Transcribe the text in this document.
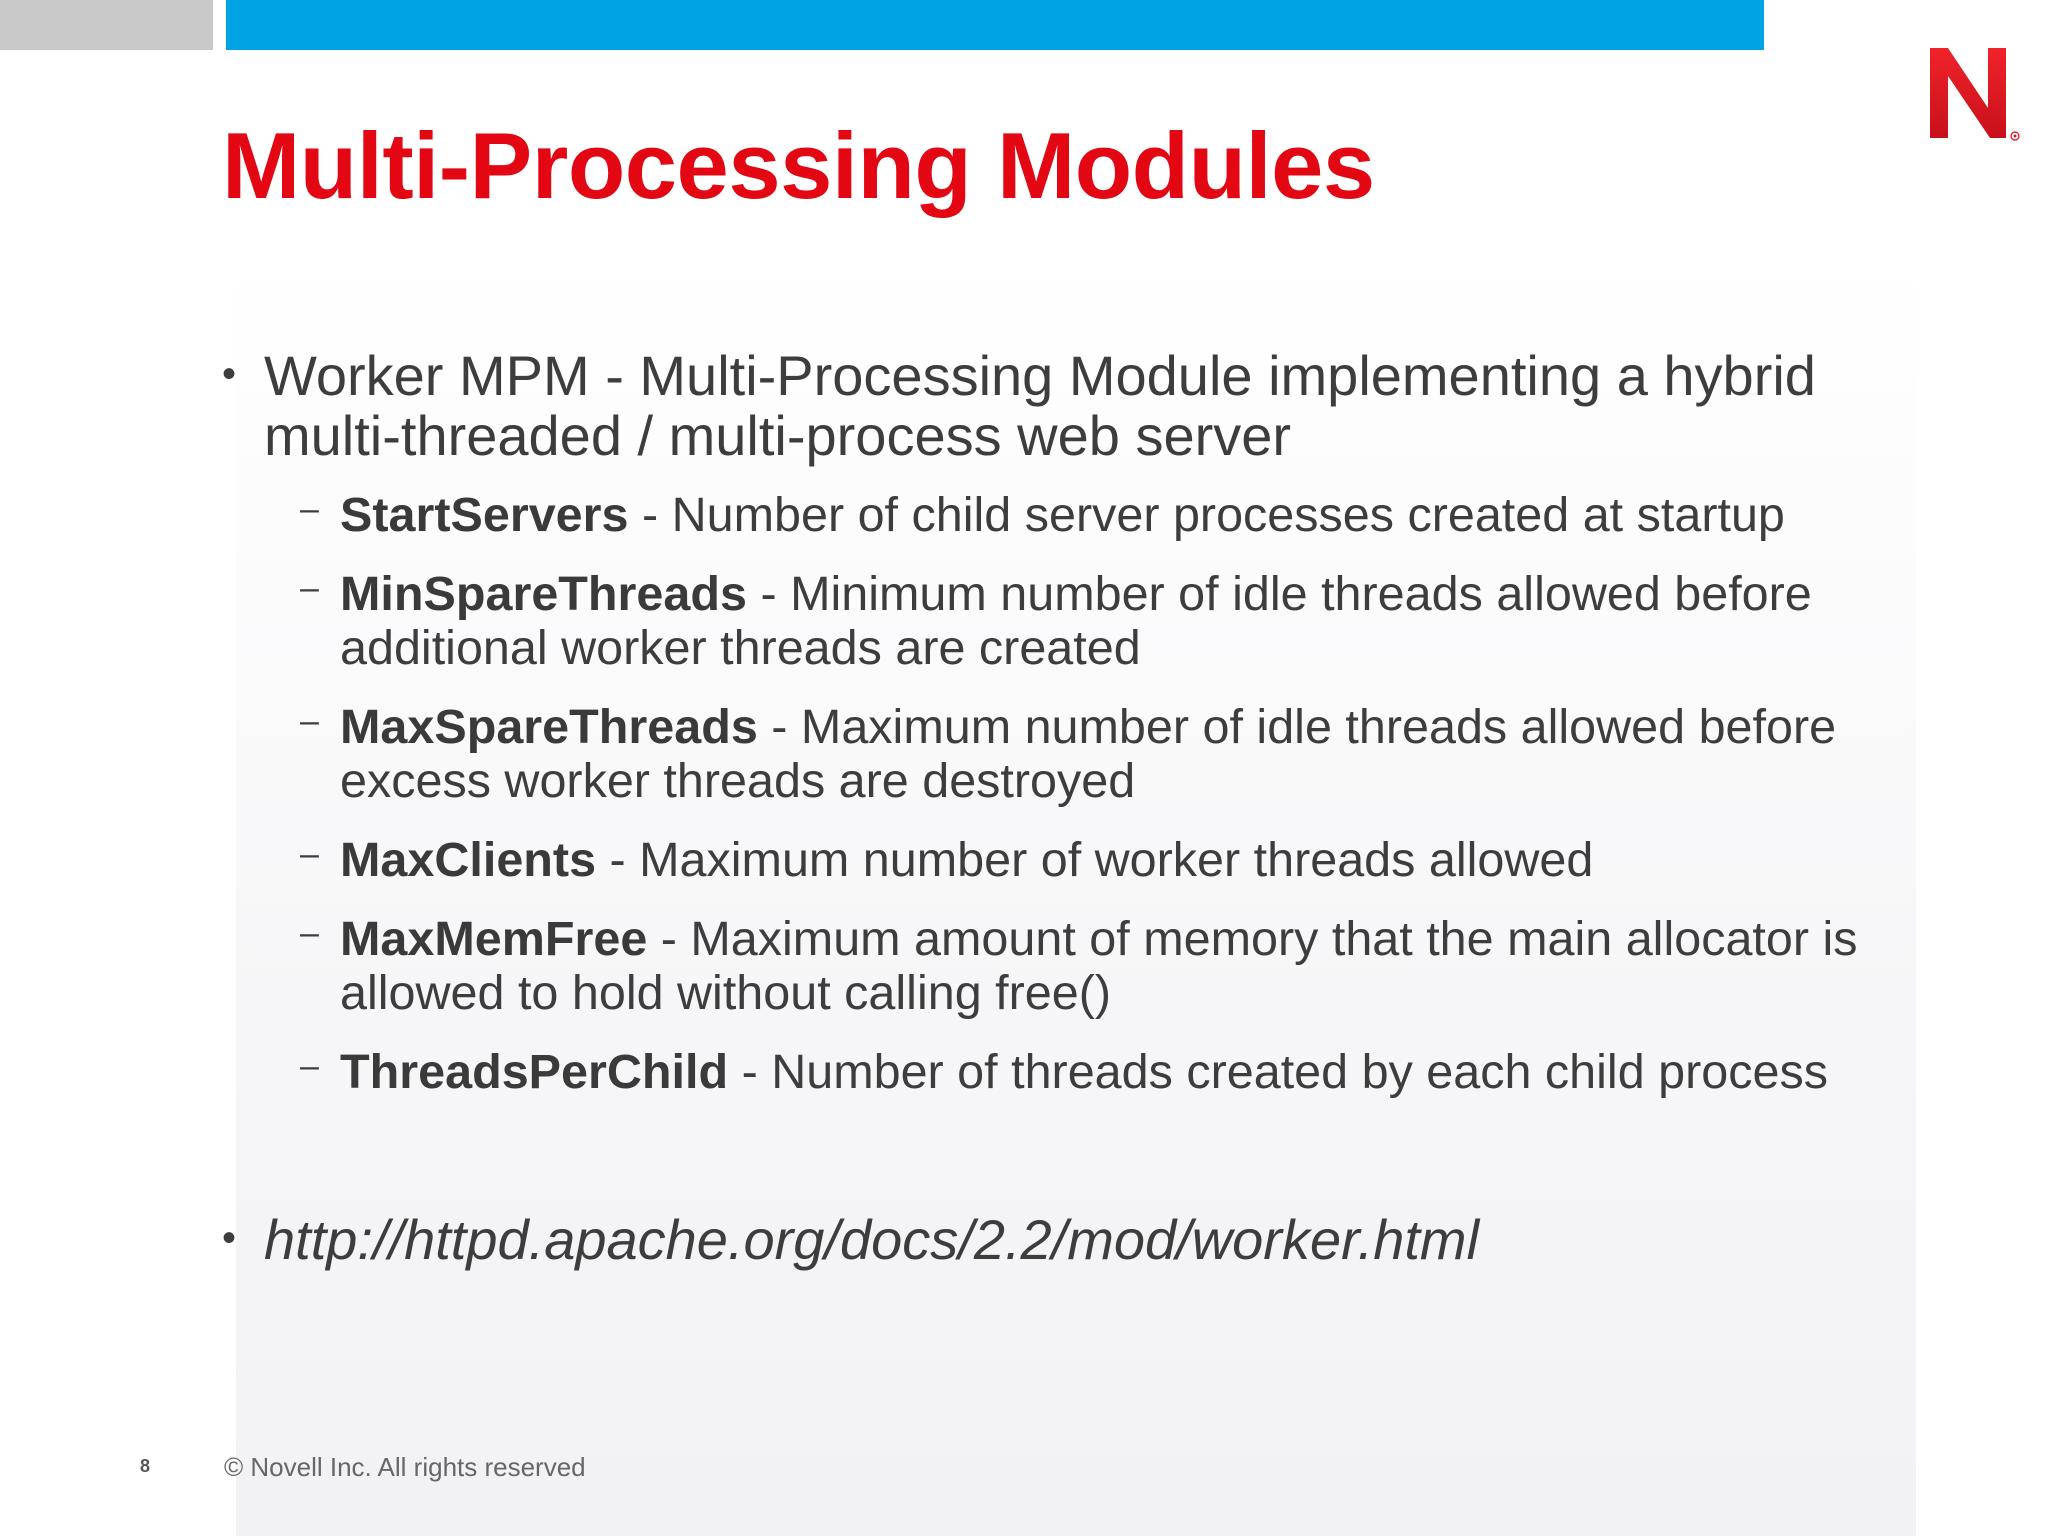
Multi-Processing Modules
• Worker MPM - Multi-Processing Module implementing a hybrid multi-threaded / multi-process web server
– StartServers - Number of child server processes created at startup
– MinSpareThreads - Minimum number of idle threads allowed before additional worker threads are created
– MaxSpareThreads - Maximum number of idle threads allowed before excess worker threads are destroyed
– MaxClients - Maximum number of worker threads allowed
– MaxMemFree - Maximum amount of memory that the main allocator is allowed to hold without calling free()
– ThreadsPerChild - Number of threads created by each child process
• http://httpd.apache.org/docs/2.2/mod/worker.html
8	© Novell Inc. All rights reserved
